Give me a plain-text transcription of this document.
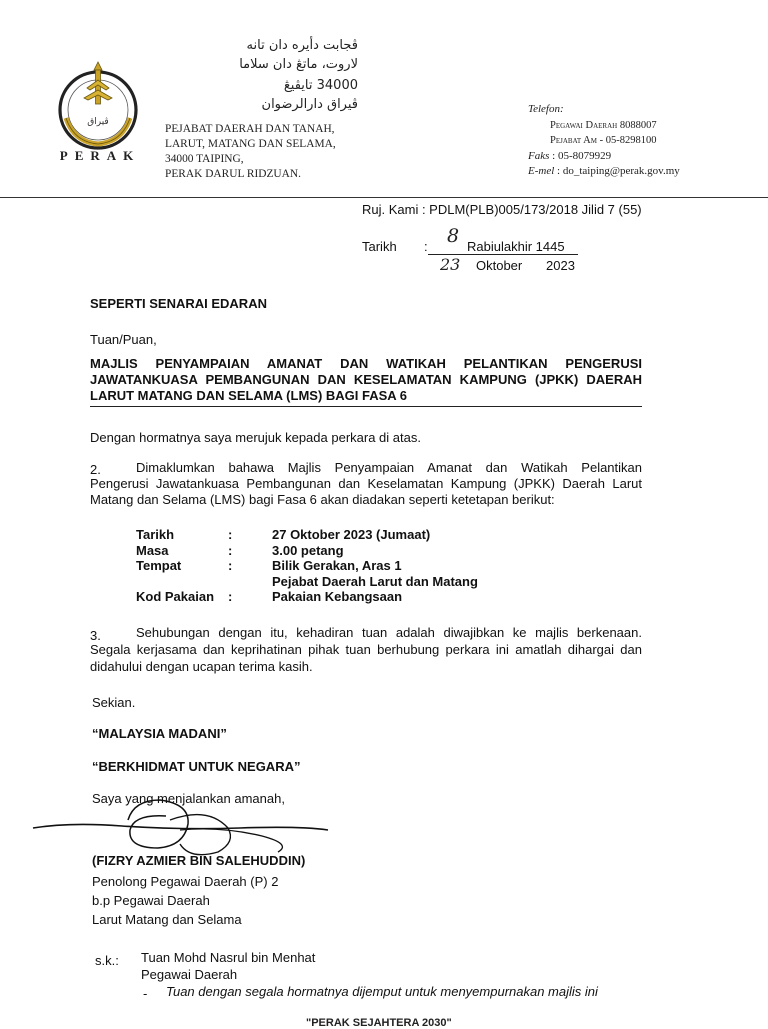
ڤيراق
PERAK
ڤجابت دأيره دان تانه
لاروت، ماتڠ دان سلاما
34000 تايڤيڠ
ڤيراق دارالرضوان
PEJABAT DAERAH DAN TANAH,
LARUT, MATANG DAN SELAMA,
34000 TAIPING,
PERAK DARUL RIDZUAN.
Telefon:
Pegawai Daerah 8088007
Pejabat Am - 05-8298100
Faks : 05-8079929
E-mel : do_taiping@perak.gov.my
Ruj. Kami : PDLM(PLB)005/173/2018 Jilid 7 (55)
Tarikh : 8 Rabiulakhir 1445
23 Oktober 2023
SEPERTI SENARAI EDARAN
Tuan/Puan,
MAJLIS PENYAMPAIAN AMANAT DAN WATIKAH PELANTIKAN PENGERUSI
JAWATANKUASA PEMBANGUNAN DAN KESELAMATAN KAMPUNG (JPKK) DAERAH
LARUT MATANG DAN SELAMA (LMS) BAGI FASA 6
Dengan hormatnya saya merujuk kepada perkara di atas.
2.	Dimaklumkan bahawa Majlis Penyampaian Amanat dan Watikah Pelantikan
Pengerusi Jawatankuasa Pembangunan dan Keselamatan Kampung (JPKK) Daerah Larut
Matang dan Selama (LMS) bagi Fasa 6 akan diadakan seperti ketetapan berikut:
Tarikh	:	27 Oktober 2023 (Jumaat)
Masa	:	3.00 petang
Tempat	:	Bilik Gerakan, Aras 1
Pejabat Daerah Larut dan Matang

Kod Pakaian	:	Pakaian Kebangsaan
3.	Sehubungan dengan itu, kehadiran tuan adalah diwajibkan ke majlis berkenaan.
Segala kerjasama dan keprihatinan pihak tuan berhubung perkara ini amatlah dihargai dan
didahului dengan ucapan terima kasih.
Sekian.
“MALAYSIA MADANI”
“BERKHIDMAT UNTUK NEGARA”
Saya yang menjalankan amanah,
(FIZRY AZMIER BIN SALEHUDDIN)
Penolong Pegawai Daerah (P) 2
b.p Pegawai Daerah
Larut Matang dan Selama
s.k.: Tuan Mohd Nasrul bin Menhat
Pegawai Daerah
- Tuan dengan segala hormatnya dijemput untuk menyempurnakan majlis ini
"PERAK SEJAHTERA 2030"
